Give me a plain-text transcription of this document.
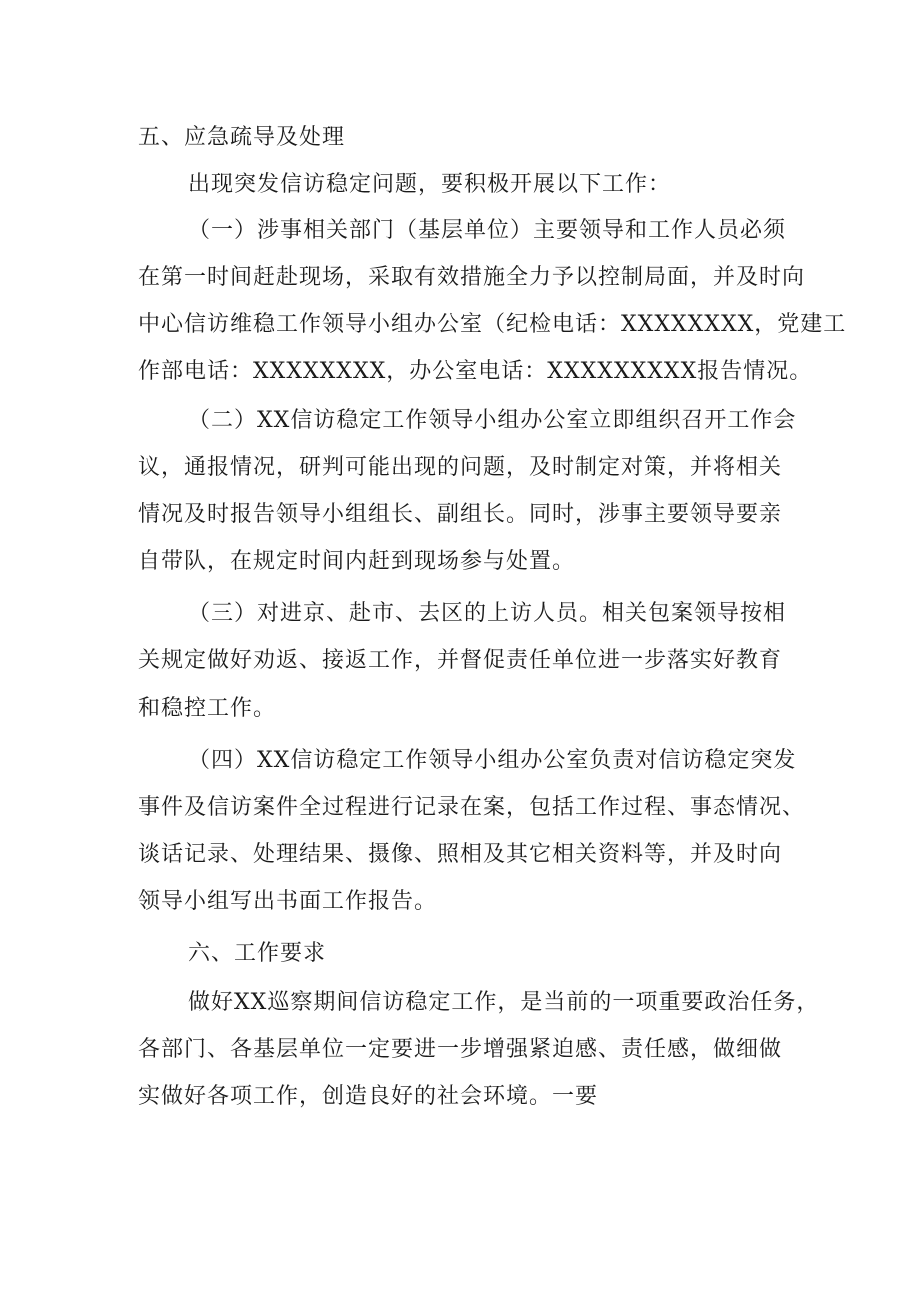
五、应急疏导及处理
出现突发信访稳定问题，要积极开展以下工作：
（一）涉事相关部门（基层单位）主要领导和工作人员必须
在第一时间赶赴现场，采取有效措施全力予以控制局面，并及时向
中心信访维稳工作领导小组办公室（纪检电话：XXXXXXXX，党建工
作部电话：XXXXXXXX，办公室电话：XXXXXXXXX报告情况。
（二）XX信访稳定工作领导小组办公室立即组织召开工作会
议，通报情况，研判可能出现的问题，及时制定对策，并将相关
情况及时报告领导小组组长、副组长。同时，涉事主要领导要亲
自带队，在规定时间内赶到现场参与处置。
（三）对进京、赴市、去区的上访人员。相关包案领导按相
关规定做好劝返、接返工作，并督促责任单位进一步落实好教育
和稳控工作。
（四）XX信访稳定工作领导小组办公室负责对信访稳定突发
事件及信访案件全过程进行记录在案，包括工作过程、事态情况、
谈话记录、处理结果、摄像、照相及其它相关资料等，并及时向
领导小组写出书面工作报告。
六、工作要求
做好XX巡察期间信访稳定工作，是当前的一项重要政治任务，
各部门、各基层单位一定要进一步增强紧迫感、责任感，做细做
实做好各项工作，创造良好的社会环境。一要
